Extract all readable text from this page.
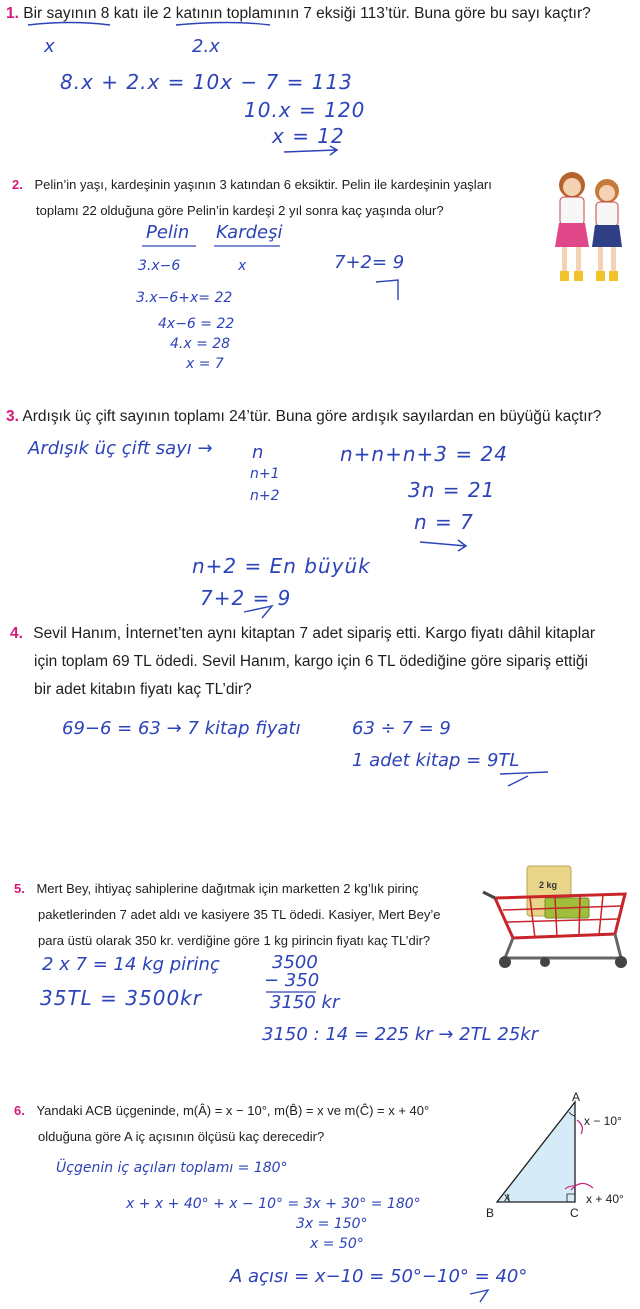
1. Bir sayının 8 katı ile 2 katının toplamının 7 eksiği 113’tür. Buna göre bu sayı kaçtır?
x	2.x
8.x + 2.x = 10x − 7 = 113
10.x = 120
x = 12
2. Pelin’in yaşı, kardeşinin yaşının 3 katından 6 eksiktir. Pelin ile kardeşinin yaşları
toplamı 22 olduğuna göre Pelin’in kardeşi 2 yıl sonra kaç yaşında olur?
Pelin Kardeşi
3.x−6	x
3.x−6+x= 22
4x−6 = 22
4.x = 28
x = 7
7+2= 9
3. Ardışık üç çift sayının toplamı 24’tür. Buna göre ardışık sayılardan en büyüğü kaçtır?
Ardışık üç çift sayı → n
n+1
n+2
n+n+n+3 = 24
3n = 21
n = 7
n+2 = En büyük
7+2 = 9
4. Sevil Hanım, İnternet’ten aynı kitaptan 7 adet sipariş etti. Kargo fiyatı dâhil kitaplar
için toplam 69 TL ödedi. Sevil Hanım, kargo için 6 TL ödediğine göre sipariş ettiği
bir adet kitabın fiyatı kaç TL’dir?
69−6 = 63 → 7 kitap fiyatı	63 ÷ 7 = 9
1 adet kitap = 9TL
5. Mert Bey, ihtiyaç sahiplerine dağıtmak için marketten 2 kg’lık pirinç
paketlerinden 7 adet aldı ve kasiyere 35 TL ödedi. Kasiyer, Mert Bey’e
para üstü olarak 350 kr. verdiğine göre 1 kg pirincin fiyatı kaç TL’dir?
2 kg
2 x 7 = 14 kg pirinç
35TL = 3500kr
3500
− 350
3150 kr
3150 : 14 = 225 kr → 2TL 25kr
6. Yandaki ACB üçgeninde, m(Â) = x − 10°, m(B̂) = x ve m(Ĉ) = x + 40°
olduğuna göre A iç açısının ölçüsü kaç derecedir?
A
B	C
x − 10°
x	x + 40°
Üçgenin iç açıları toplamı = 180°
x + x + 40° + x − 10° = 3x + 30° = 180°
3x = 150°
x = 50°
A açısı = x−10 = 50°−10° = 40°
